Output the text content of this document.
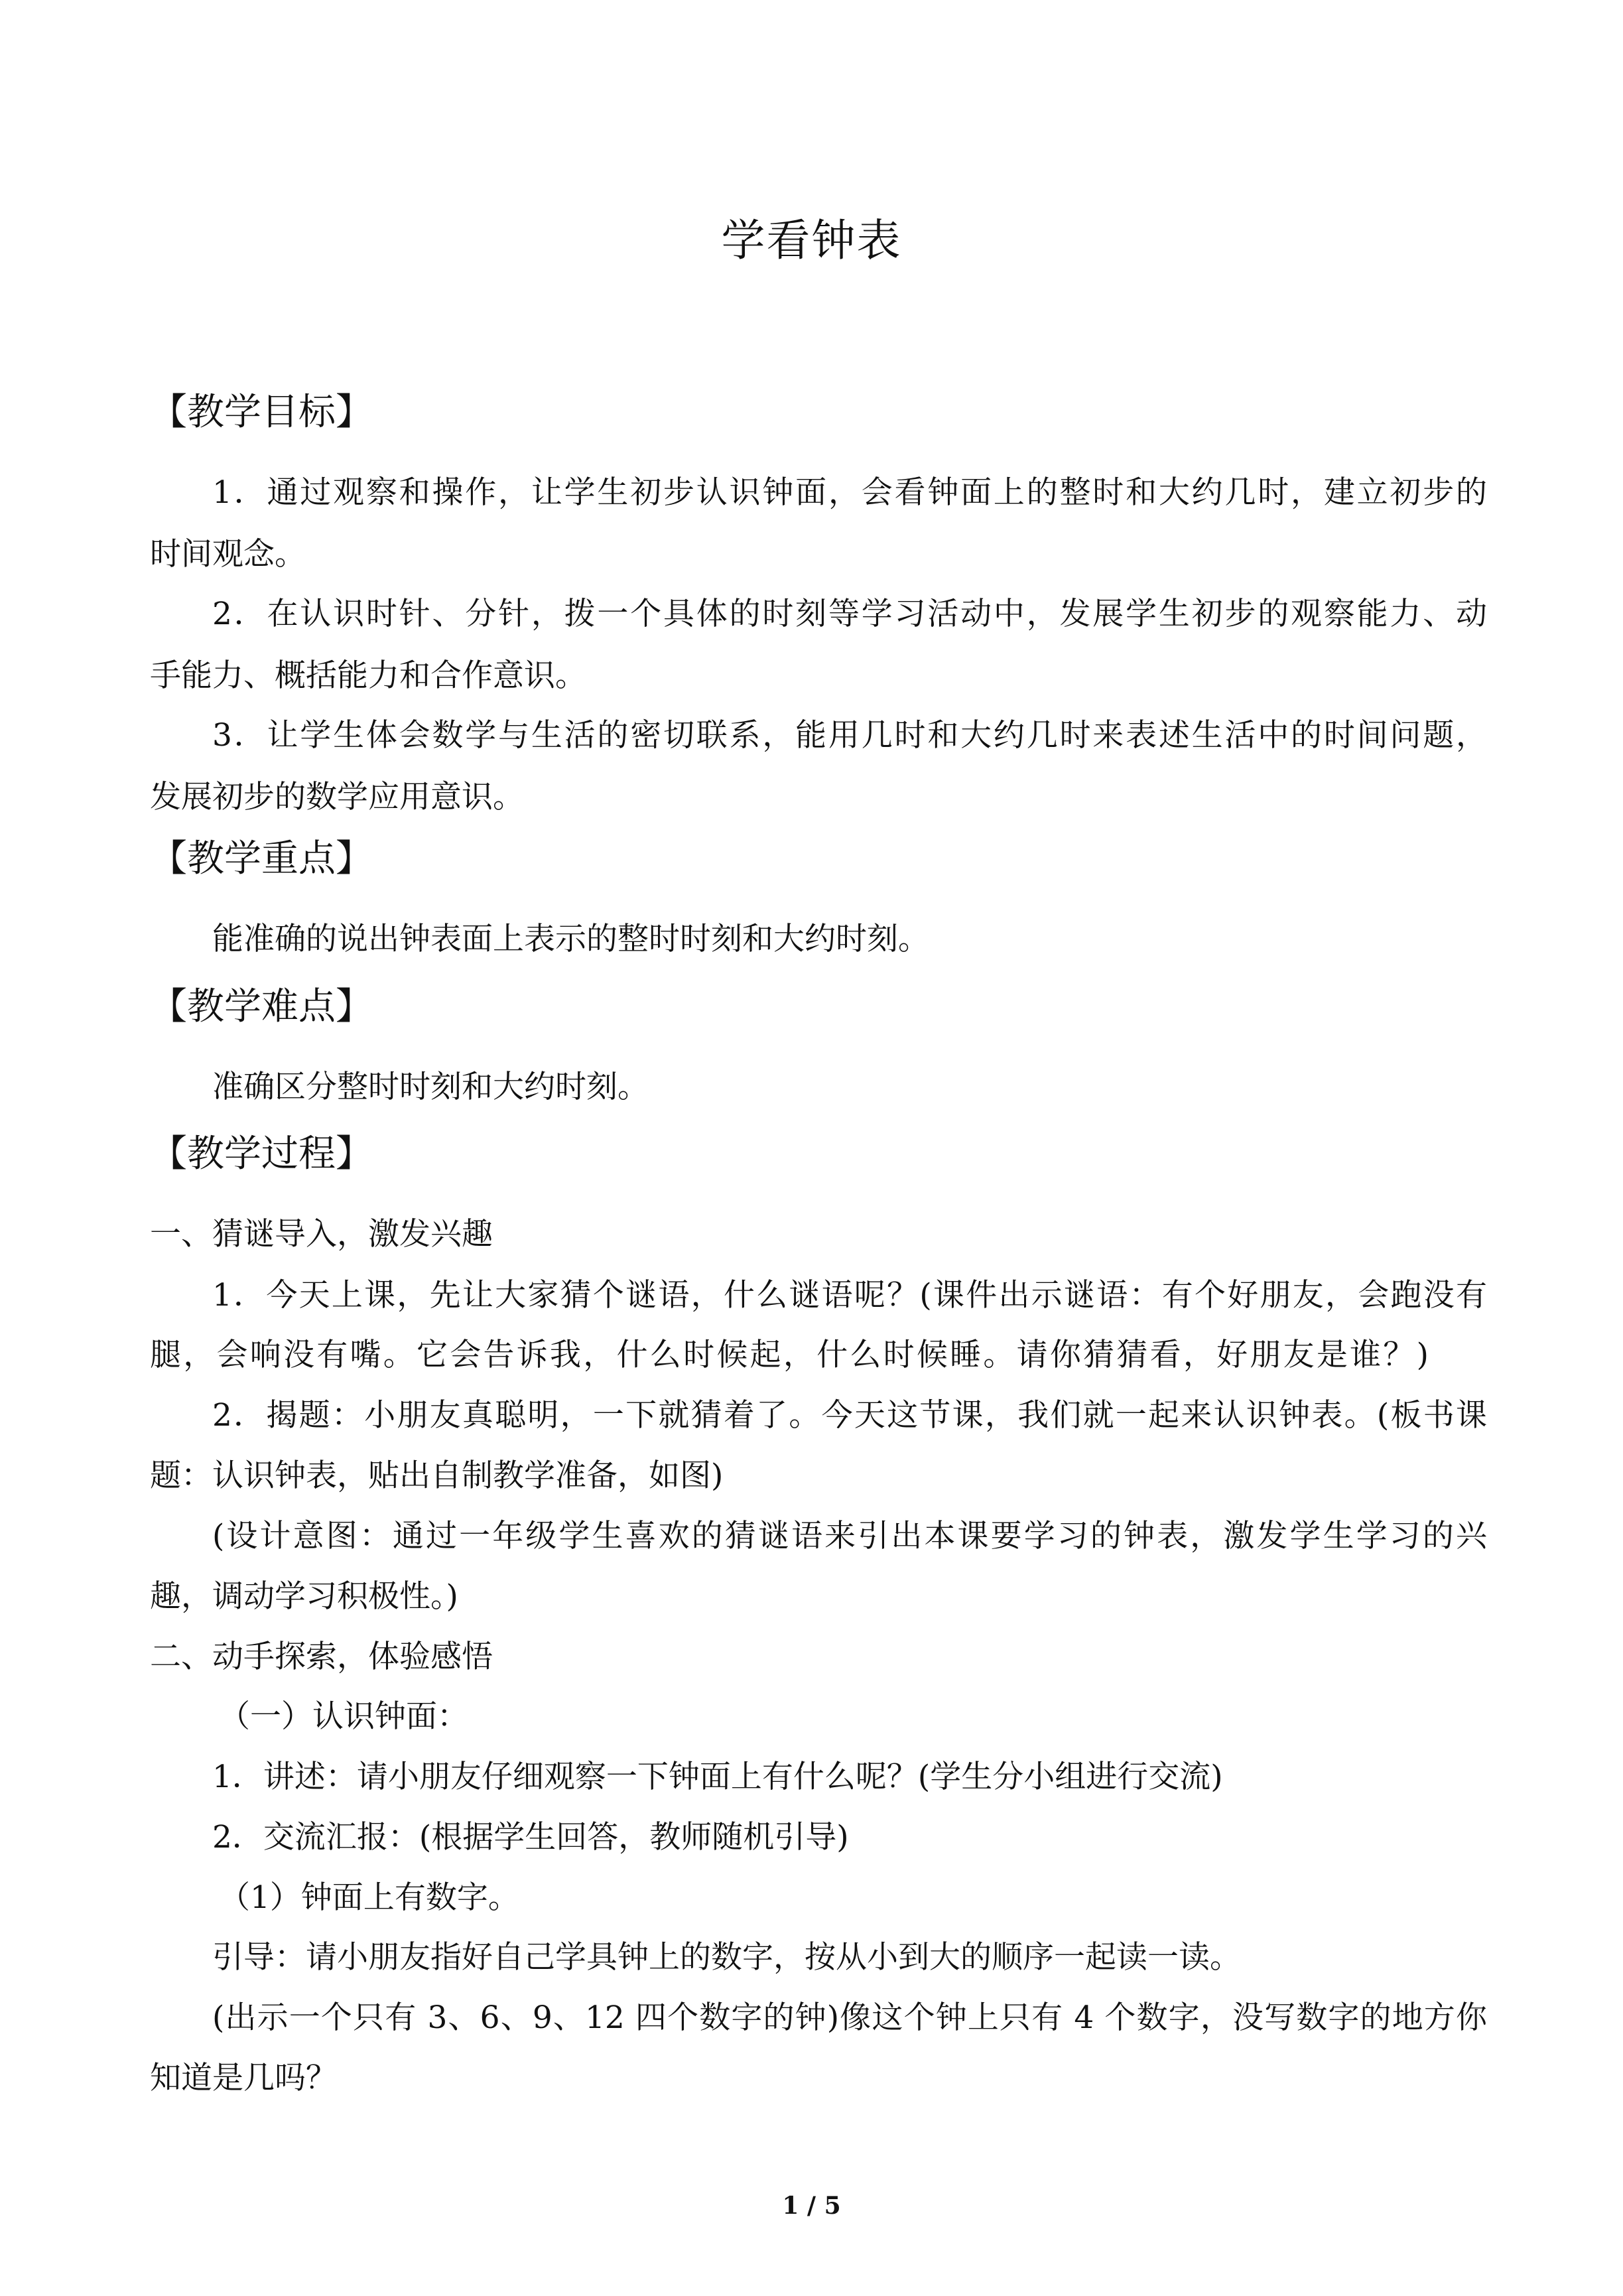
学看钟表
【教学目标】
1．通过观察和操作，让学生初步认识钟面，会看钟面上的整时和大约几时，建立初步的
时间观念。
2．在认识时针、分针，拨一个具体的时刻等学习活动中，发展学生初步的观察能力、动
手能力、概括能力和合作意识。
3．让学生体会数学与生活的密切联系，能用几时和大约几时来表述生活中的时间问题，
发展初步的数学应用意识。
【教学重点】
能准确的说出钟表面上表示的整时时刻和大约时刻。
【教学难点】
准确区分整时时刻和大约时刻。
【教学过程】
一、猜谜导入，激发兴趣
1．今天上课，先让大家猜个谜语，什么谜语呢？(课件出示谜语：有个好朋友，会跑没有
腿，会响没有嘴。它会告诉我，什么时候起，什么时候睡。请你猜猜看，好朋友是谁？)
2．揭题：小朋友真聪明，一下就猜着了。今天这节课，我们就一起来认识钟表。(板书课
题：认识钟表，贴出自制教学准备，如图)
(设计意图：通过一年级学生喜欢的猜谜语来引出本课要学习的钟表，激发学生学习的兴
趣，调动学习积极性。)
二、动手探索，体验感悟
（一）认识钟面：
1．讲述：请小朋友仔细观察一下钟面上有什么呢？(学生分小组进行交流)
2．交流汇报：(根据学生回答，教师随机引导)
（1）钟面上有数字。
引导：请小朋友指好自己学具钟上的数字，按从小到大的顺序一起读一读。
(出示一个只有 3、6、9、12 四个数字的钟)像这个钟上只有 4 个数字，没写数字的地方你
知道是几吗？
1 / 5
